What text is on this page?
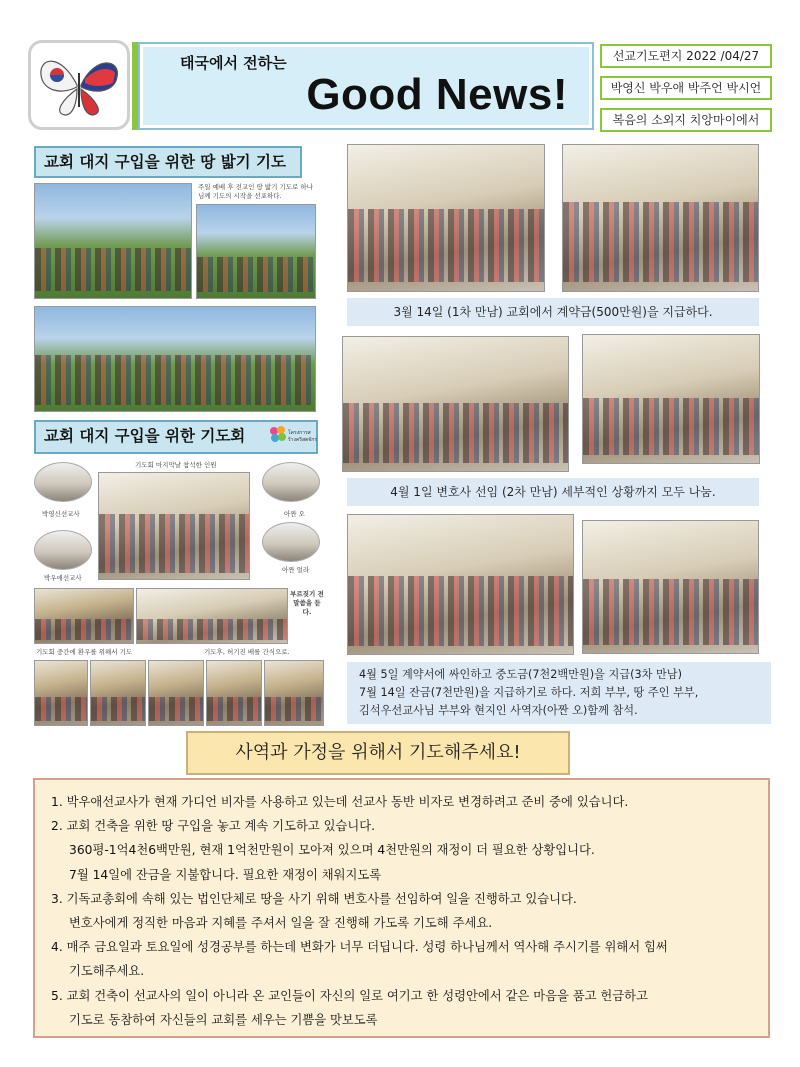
태국에서 전하는
Good News!
선교기도편지 2022 /04/27
박영신 박우애 박주언 박시언
복음의 소외지 치앙마이에서
교회 대지 구입을 위한 땅 밟기 기도
주일 예배 후 전교인 땅 밟기 기도로 하나님께 기도의 시작을 선포하다.
교회 대지 구입을 위한 기도회	โครงการสร้างคริสตจักร
기도회 마지막날 참석한 인원
박영신선교사
박우애선교사
아짠 오
아짠 얼라
부르짖기 전 말씀을 듣다.
기도회 중간에 환우를 위해서 기도	기도후, 허기진 배를 간식으로.
3월 14일 (1차 만남) 교회에서 계약금(500만원)을 지급하다.
4월 1일 변호사 선임 (2차 만남) 세부적인 상황까지 모두 나눔.
4월 5일 계약서에 싸인하고 중도금(7천2백만원)을 지급(3차 만남)
7월 14일 잔금(7천만원)을 지급하기로 하다. 저희 부부, 땅 주인 부부,
김석우선교사님 부부와 현지인 사역자(아짠 오)함께 참석.
사역과 가정을 위해서 기도해주세요!
1. 박우애선교사가 현재 가디언 비자를 사용하고 있는데 선교사 동반 비자로 변경하려고 준비 중에 있습니다.
2. 교회 건축을 위한 땅 구입을 놓고 계속 기도하고 있습니다.
360평-1억4천6백만원, 현재 1억천만원이 모아져 있으며 4천만원의 재정이 더 필요한 상황입니다.
7월 14일에 잔금을 지불합니다. 필요한 재정이 채워지도록
3. 기독교총회에 속해 있는 법인단체로 땅을 사기 위해 변호사를 선임하여 일을 진행하고 있습니다.
변호사에게 정직한 마음과 지혜를 주셔서 일을 잘 진행해 가도록 기도해 주세요.
4. 매주 금요일과 토요일에 성경공부를 하는데 변화가 너무 더딥니다. 성령 하나님께서 역사해 주시기를 위해서 힘써
기도해주세요.
5. 교회 건축이 선교사의 일이 아니라 온 교인들이 자신의 일로 여기고 한 성령안에서 같은 마음을 품고 헌금하고
기도로 동참하여 자신들의 교회를 세우는 기쁨을 맛보도록
